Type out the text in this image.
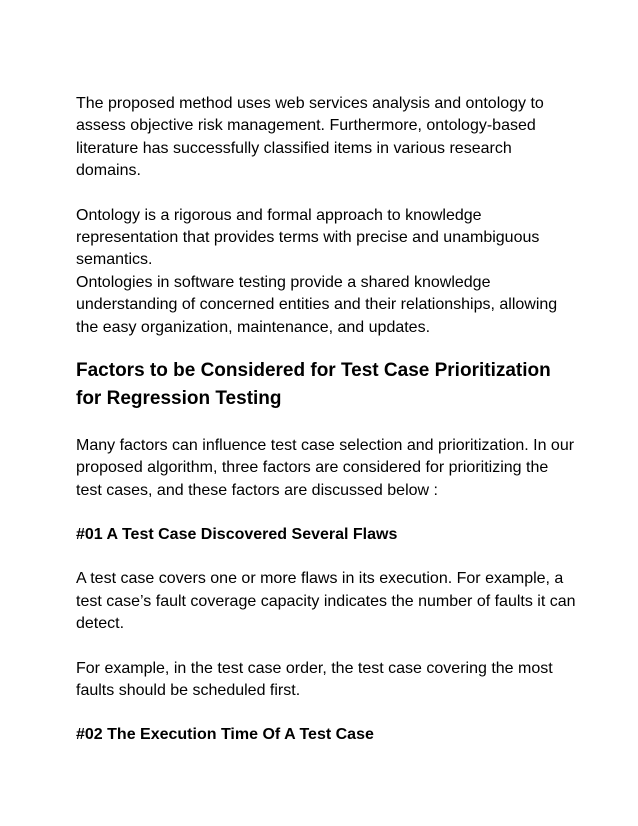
The proposed method uses web services analysis and ontology to assess objective risk management. Furthermore, ontology-based literature has successfully classified items in various research domains.

Ontology is a rigorous and formal approach to knowledge representation that provides terms with precise and unambiguous semantics.

Ontologies in software testing provide a shared knowledge understanding of concerned entities and their relationships, allowing the easy organization, maintenance, and updates.

Factors to be Considered for Test Case Prioritization for Regression Testing

Many factors can influence test case selection and prioritization. In our proposed algorithm, three factors are considered for prioritizing the test cases, and these factors are discussed below :

#01 A Test Case Discovered Several Flaws

A test case covers one or more flaws in its execution. For example, a test case’s fault coverage capacity indicates the number of faults it can detect.

For example, in the test case order, the test case covering the most faults should be scheduled first.

#02 The Execution Time Of A Test Case
